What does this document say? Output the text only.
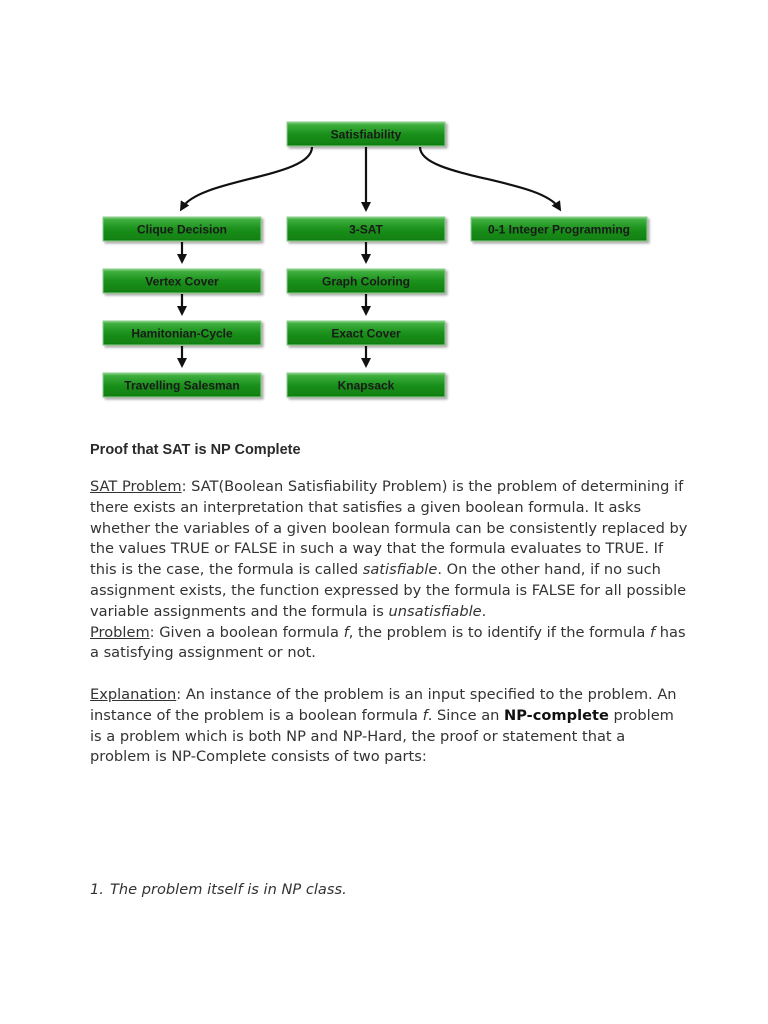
Satisfiability
Clique Decision	3-SAT	0-1 Integer Programming
Vertex Cover	Graph Coloring
Hamitonian-Cycle	Exact Cover
Travelling Salesman	Knapsack
Proof that SAT is NP Complete

SAT Problem: SAT(Boolean Satisfiability Problem) is the problem of determining if there exists an interpretation that satisfies a given boolean formula. It asks whether the variables of a given boolean formula can be consistently replaced by the values TRUE or FALSE in such a way that the formula evaluates to TRUE. If this is the case, the formula is called satisfiable. On the other hand, if no such assignment exists, the function expressed by the formula is FALSE for all possible variable assignments and the formula is unsatisfiable.

Problem: Given a boolean formula f, the problem is to identify if the formula f has a satisfying assignment or not.

Explanation: An instance of the problem is an input specified to the problem. An instance of the problem is a boolean formula f. Since an NP-complete problem is a problem which is both NP and NP-Hard, the proof or statement that a problem is NP-Complete consists of two parts:

1. The problem itself is in NP class.
